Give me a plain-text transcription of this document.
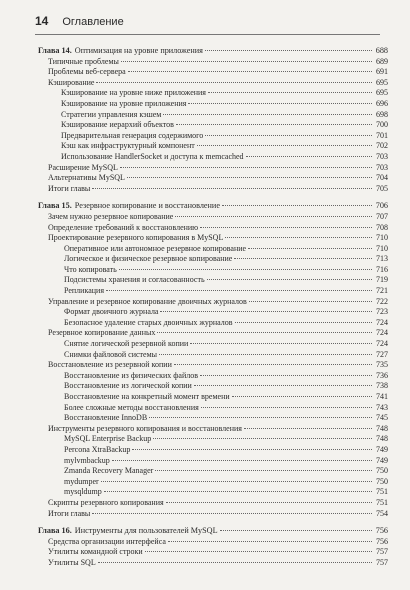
14 Оглавление
Глава 14. Оптимизация на уровне приложения	688
Типичные проблемы	689
Проблемы веб-сервера	691
Кэширование	695
Кэширование на уровне ниже приложения	695
Кэширование на уровне приложения	696
Стратегии управления кэшем	698
Кэширование иерархий объектов	700
Предварительная генерация содержимого	701
Кэш как инфраструктурный компонент	702
Использование HandlerSocket и доступа к memcached	703
Расширение MySQL	703
Альтернативы MySQL	704
Итоги главы	705
Глава 15. Резервное копирование и восстановление	706
Зачем нужно резервное копирование	707
Определение требований к восстановлению	708
Проектирование резервного копирования в MySQL	710
Оперативное или автономное резервное копирование	710
Логическое и физическое резервное копирование	713
Что копировать	716
Подсистемы хранения и согласованность	719
Репликация	721
Управление и резервное копирование двоичных журналов	722
Формат двоичного журнала	723
Безопасное удаление старых двоичных журналов	724
Резервное копирование данных	724
Снятие логической резервной копии	724
Снимки файловой системы	727
Восстановление из резервной копии	735
Восстановление из физических файлов	736
Восстановление из логической копии	738
Восстановление на конкретный момент времени	741
Более сложные методы восстановления	743
Восстановление InnoDB	745
Инструменты резервного копирования и восстановления	748
MySQL Enterprise Backup	748
Percona XtraBackup	749
mylvmbackup	749
Zmanda Recovery Manager	750
mydumper	750
mysqldump	751
Скрипты резервного копирования	751
Итоги главы	754
Глава 16. Инструменты для пользователей MySQL	756
Средства организации интерфейса	756
Утилиты командной строки	757
Утилиты SQL	757
